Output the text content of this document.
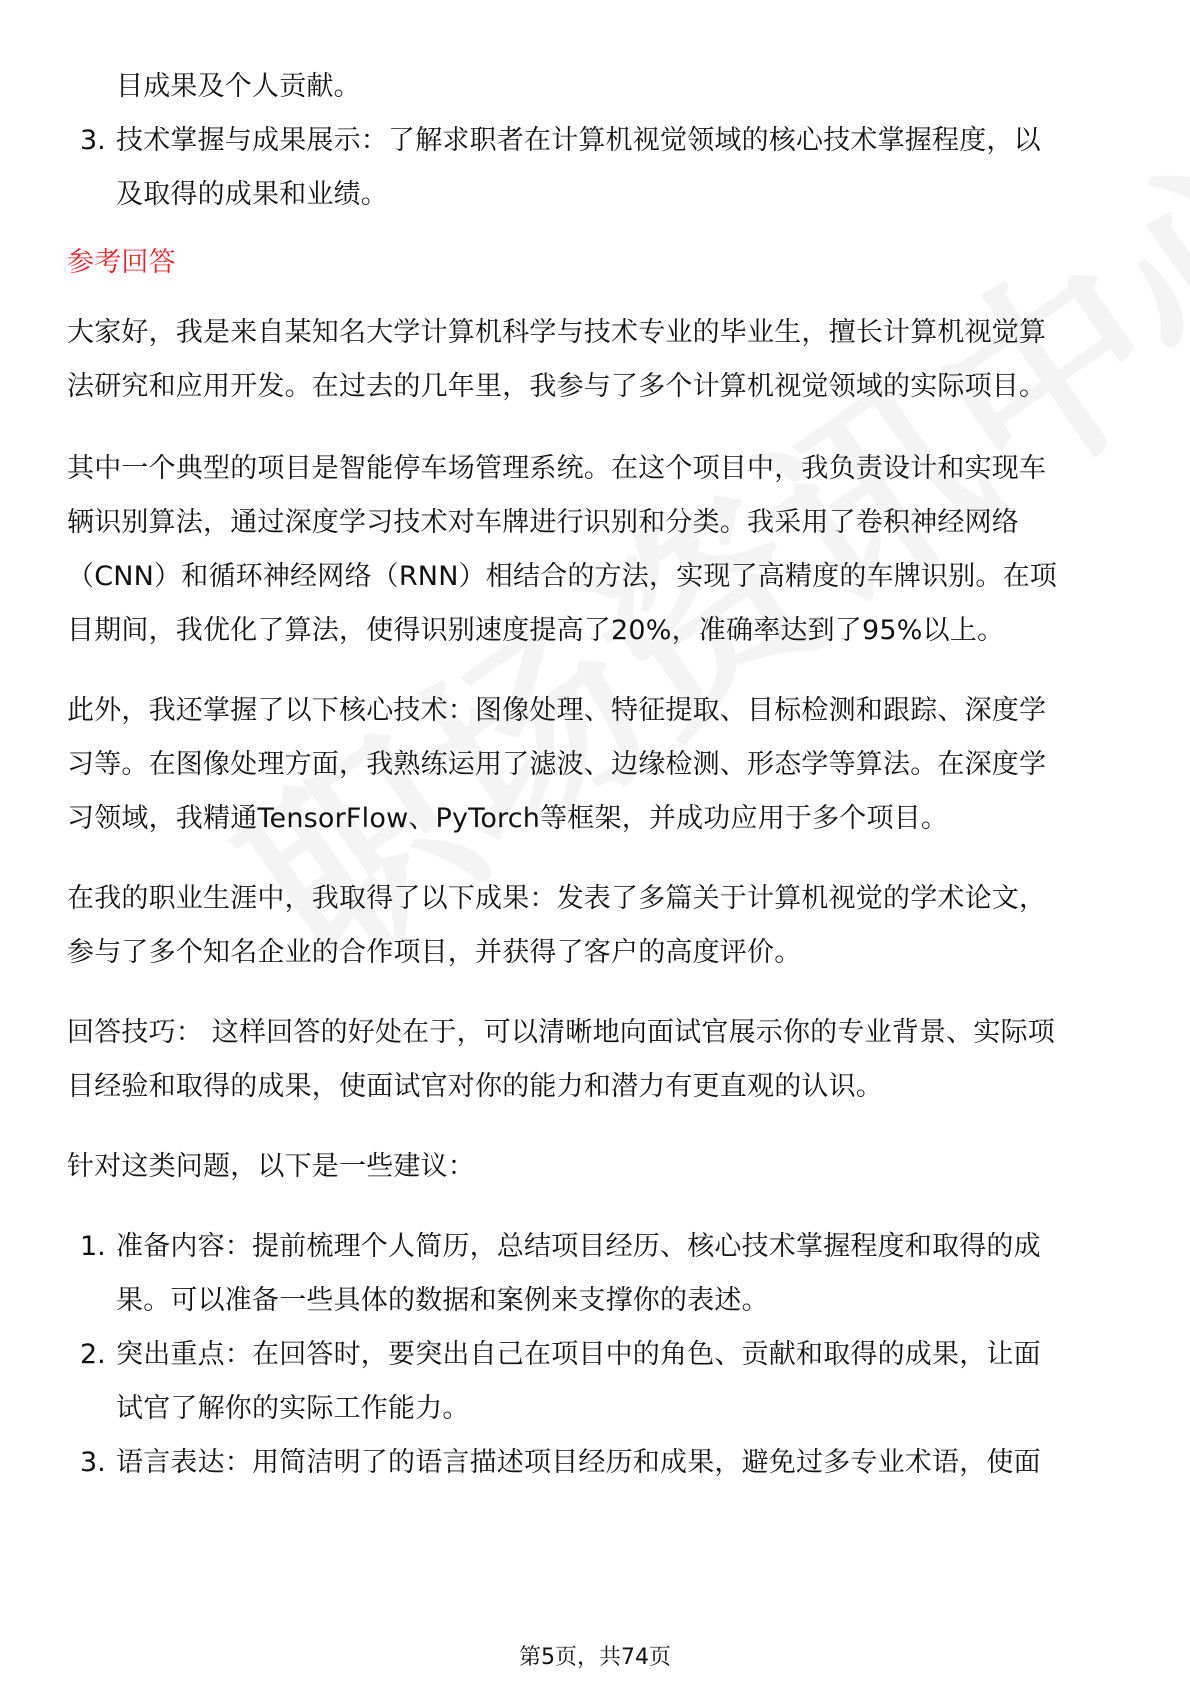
目成果及个人贡献。
3. 技术掌握与成果展示：了解求职者在计算机视觉领域的核心技术掌握程度，以
及取得的成果和业绩。
参考回答
大家好，我是来自某知名大学计算机科学与技术专业的毕业生，擅长计算机视觉算
法研究和应用开发。在过去的几年里，我参与了多个计算机视觉领域的实际项目。
其中一个典型的项目是智能停车场管理系统。在这个项目中，我负责设计和实现车
辆识别算法，通过深度学习技术对车牌进行识别和分类。我采用了卷积神经网络
（CNN）和循环神经网络（RNN）相结合的方法，实现了高精度的车牌识别。在项
目期间，我优化了算法，使得识别速度提高了20%，准确率达到了95%以上。
此外，我还掌握了以下核心技术：图像处理、特征提取、目标检测和跟踪、深度学
习等。在图像处理方面，我熟练运用了滤波、边缘检测、形态学等算法。在深度学
习领域，我精通TensorFlow、PyTorch等框架，并成功应用于多个项目。
在我的职业生涯中，我取得了以下成果：发表了多篇关于计算机视觉的学术论文，
参与了多个知名企业的合作项目，并获得了客户的高度评价。
回答技巧： 这样回答的好处在于，可以清晰地向面试官展示你的专业背景、实际项
目经验和取得的成果，使面试官对你的能力和潜力有更直观的认识。
针对这类问题，以下是一些建议：
1. 准备内容：提前梳理个人简历，总结项目经历、核心技术掌握程度和取得的成
果。可以准备一些具体的数据和案例来支撑你的表述。
2. 突出重点：在回答时，要突出自己在项目中的角色、贡献和取得的成果，让面
试官了解你的实际工作能力。
3. 语言表达：用简洁明了的语言描述项目经历和成果，避免过多专业术语，使面
第5页，共74页
